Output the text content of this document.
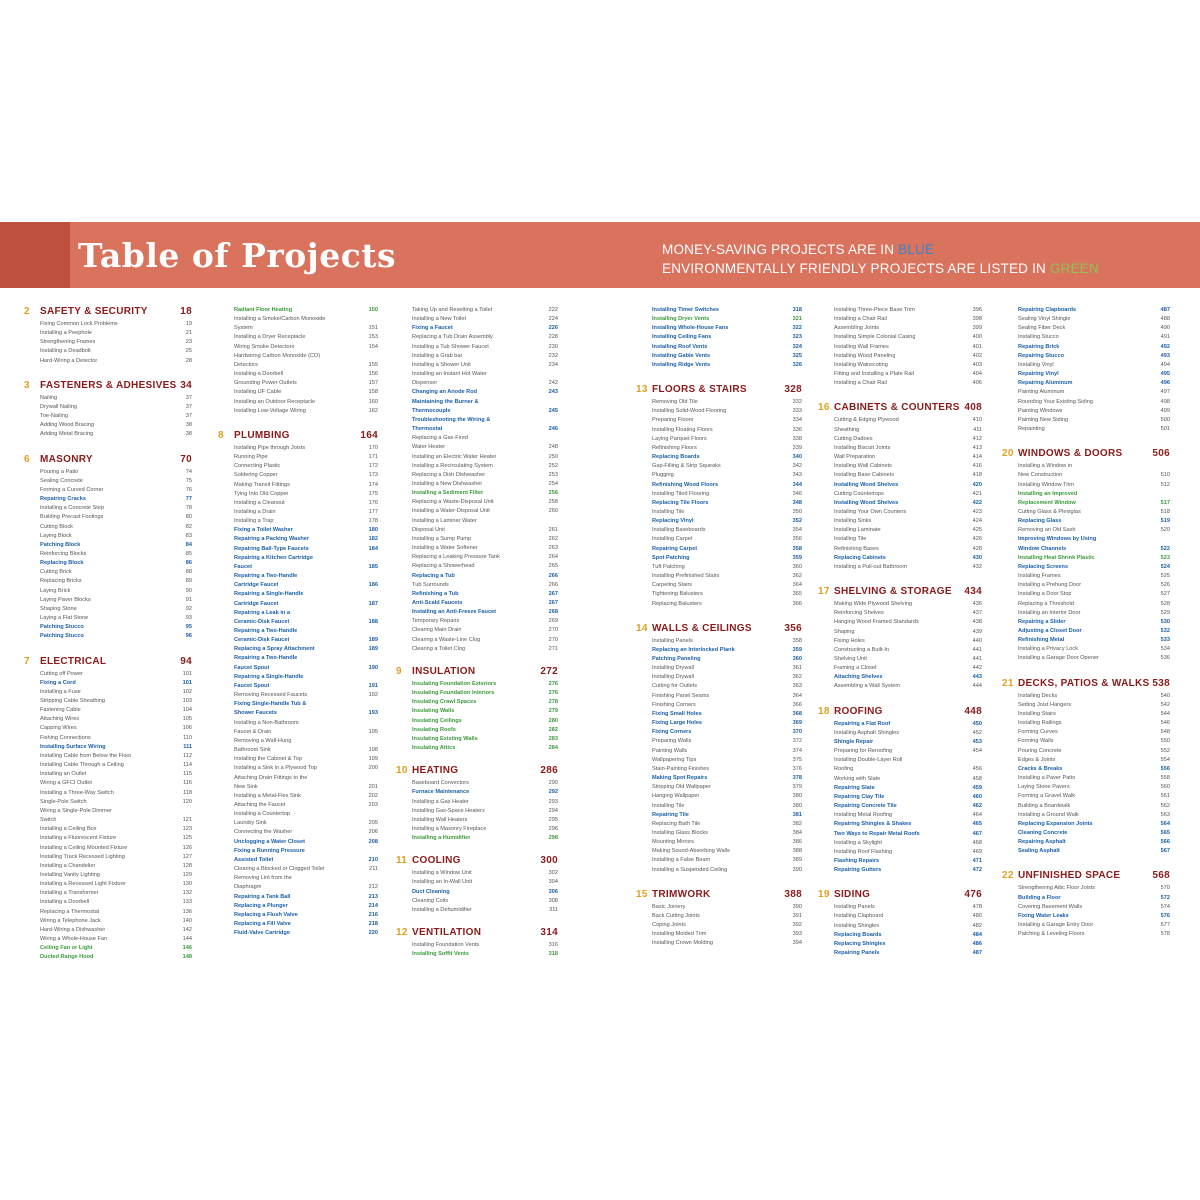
Table of Projects	MONEY-SAVING PROJECTS ARE IN BLUE
ENVIRONMENTALLY FRIENDLY PROJECTS ARE LISTED IN GREEN
2	SAFETY & SECURITY	18
Fixing Common Lock Problems	19
Installing a Peephole	21
Strengthening Frames	23
Installing a Deadbolt	25
Hard-Wiring a Detector	28
3	FASTENERS & ADHESIVES 34
Nailing	37
Drywall Nailing	37
Toe-Nailing	37
Adding Wood Bracing	38
Adding Metal Bracing	38
6	MASONRY	70
Pouring a Patio	74
Sealing Concrete	75
Forming a Curved Corner	76
Repairing Cracks	77
Installing a Concrete Step	78
Building Precast Footings	80
Cutting Block	82
Laying Block	83
Patching Block	84
Reinforcing Blocks	85
Replacing Block	86
Cutting Brick	88
Replacing Bricks	89
Laying Brick	90
Laying Paver Blocks	91
Shaping Stone	92
Laying a Flat Stone	93
Patching Stucco	95
Patching Stucco	96
7	ELECTRICAL	94
Cutting off Power	101
Fixing a Cord	101
Installing a Fuse	102
Stripping Cable Sheathing	103
Fastening Cable	104
Attaching Wires	105
Capping Wires	106
Fishing Connections	110
Installing Surface Wiring	111
Installing Cable from Below the Floor	112
Installing Cable Through a Ceiling	114
Installing an Outlet	115
Wiring a GFCI Outlet	116
Installing a Three-Way Switch	118
Single-Pole Switch	120
Wiring a Single-Pole Dimmer
Switch	121
Installing a Ceiling Box	123
Installing a Fluorescent Fixture	125
Installing a Ceiling Mounted Fixture	126
Installing Track Recessed Lighting	127
Installing a Chandelier	128
Installing Vanity Lighting	129
Installing a Recessed Light Fixture	130
Installing a Transformer	132
Installing a Doorbell	133
Replacing a Thermostat	136
Wiring a Telephone Jack	140
Hard-Wiring a Dishwasher	142
Wiring a Whole-House Fan	144
Ceiling Fan or Light	146
Ducted Range Hood	148
Radiant Floor Heating	150
Installing a Smoke/Carbon Monoxide
System	151
Installing a Dryer Receptacle	153
Wiring Smoke Detectors	154
Hardwiring Carbon Monoxide (CO)
Detectors	155
Installing a Doorbell	156
Grounding Power Outlets	157
Installing UF Cable	158
Installing an Outdoor Receptacle	160
Installing Low-Voltage Wiring	162
8	PLUMBING	164
Installing Pipe through Joists	170
Running Pipe	171
Connecting Plastic	172
Soldering Copper	173
Making Transit Fittings	174
Tying Into Old Copper	175
Installing a Cleanout	176
Installing a Drain	177
Installing a Trap	178
Fixing a Toilet Washer	180
Repairing a Packing Washer	182
Repairing Ball-Type Faucets	184
Repairing a Kitchen Cartridge
Faucet	185
Repairing a Two-Handle
Cartridge Faucet	186
Repairing a Single-Handle
Cartridge Faucet	187
Repairing a Leak in a
Ceramic-Disk Faucet	188
Repairing a Two-Handle
Ceramic-Disk Faucet	189
Replacing a Spray Attachment	189
Repairing a Two-Handle
Faucet Spout	190
Repairing a Single-Handle
Faucet Spout	191
Removing Recessed Faucets	192
Fixing Single-Handle Tub &
Shower Faucets	193
Installing a Non-Bathroom
Faucet & Drain	195
Removing a Wall-Hung
Bathroom Sink	198
Installing the Cabinet & Top	199
Installing a Sink in a Plywood Top	200
Attaching Drain Fittings to the
New Sink	201
Installing a Metal-Flex Sink	202
Attaching the Faucet	203
Installing a Countertop
Laundry Sink	205
Connecting the Washer	206
Unclogging a Water Closet	208
Fixing a Running Pressure
Assisted Toilet	210
Clearing a Blocked or Clogged Toilet	211
Removing Lint from the
Diaphragm	212
Repairing a Tank Ball	213
Replacing a Plunger	214
Replacing a Flush Valve	216
Replacing a Fill Valve	218
Fluid-Valve Cartridge	220
Taking Up and Resetting a Toilet	222
Installing a New Toilet	224
Fixing a Faucet	226
Replacing a Tub Drain Assembly	228
Installing a Tub Shower Faucet	230
Installing a Grab bar	232
Installing a Shower Unit	234
Installing an Instant Hot Water
Dispenser	242
Changing an Anode Rod	243
Maintaining the Burner &
Thermocouple	245
Troubleshooting the Wiring &
Thermostat	246
Replacing a Gas-Fired
Water Heater	248
Installing an Electric Water Heater	250
Installing a Recirculating System	252
Replacing a Dish Dishwasher	253
Installing a New Dishwasher	254
Installing a Sediment Filter	256
Replacing a Waste-Disposal Unit	258
Installing a Water-Disposal Unit	260
Installing a Laminar Water
Disposal Unit	261
Installing a Sump Pump	262
Installing a Water Softener	263
Replacing a Leaking Pressure Tank	264
Replacing a Showerhead	265
Replacing a Tub	266
Tub Surrounds	266
Refinishing a Tub	267
Anti-Scald Faucets	267
Installing an Anti-Freeze Faucet	268
Temporary Repairs	269
Clearing Main Drain	270
Clearing a Waste-Line Clog	270
Clearing a Toilet Clog	271
9	INSULATION	272
Insulating Foundation Exteriors	276
Insulating Foundation Interiors	276
Insulating Crawl Spaces	278
Insulating Walls	279
Insulating Ceilings	280
Insulating Roofs	282
Insulating Existing Walls	283
Insulating Attics	284
10 HEATING	286
Baseboard Convectors	290
Furnace Maintenance	292
Installing a Gas Heater	293
Installing Gas-Space Heaters	294
Installing Wall Heaters	295
Installing a Masonry Fireplace	296
Installing a Humidifier	298
11 COOLING	300
Installing a Window Unit	302
Installing an In-Wall Unit	304
Duct Cleaning	306
Cleaning Coils	308
Installing a Dehumidifier	311
12 VENTILATION	314
Installing Foundation Vents	316
Installing Soffit Vents	318
Installing Timer Switches	318
Installing Dryer Vents	321
Installing Whole-House Fans	322
Installing Ceiling Fans	323
Installing Roof Vents	324
Installing Gable Vents	325
Installing Ridge Vents	326
13 FLOORS & STAIRS	328
Removing Old Tile	332
Installing Solid-Wood Flooring	333
Preparing Floors	334
Installing Floating Floors	336
Laying Parquet Floors	338
Refinishing Floors	339
Replacing Boards	340
Gap-Filling & Strip Squeaks	342
Plugging	343
Refinishing Wood Floors	344
Installing Tiled Flooring	346
Replacing Tile Floors	348
Installing Tile	350
Replacing Vinyl	352
Installing Baseboards	354
Installing Carpet	356
Repairing Carpet	358
Spot Patching	359
Tuft Patching	360
Installing Prefinished Stairs	362
Carpeting Stairs	364
Tightening Balusters	365
Replacing Balusters	366
14 WALLS & CEILINGS	356
Installing Panels	358
Replacing an Interlocked Plank	359
Patching Paneling	360
Installing Drywall	361
Installing Drywall	362
Cutting for Outlets	363
Finishing Panel Seams	364
Finishing Corners	366
Fixing Small Holes	368
Fixing Large Holes	369
Fixing Corners	370
Preparing Walls	372
Painting Walls	374
Wallpapering Tips	375
Stain-Painting Finishes	376
Making Spot Repairs	378
Stripping Old Wallpaper	379
Hanging Wallpaper	380
Installing Tile	380
Repairing Tile	381
Replacing Bath Tile	382
Installing Glass Blocks	384
Mounting Mirrors	386
Making Sound-Absorbing Walls	388
Installing a False Beam	389
Installing a Suspended Ceiling	390
15 TRIMWORK	388
Basic Joinery	390
Back Cutting Joints	391
Coping Joints	392
Installing Molded Trim	393
Installing Crown Molding	394
Installing Three-Piece Base Trim	396
Installing a Chair Rail	398
Assembling Joints	399
Installing Simple Colonial Casing	400
Installing Wall Frames	401
Installing Wood Paneling	402
Installing Wainscoting	403
Fitting and Installing a Plate Rail	404
Installing a Chair Rail	406
16 CABINETS & COUNTERS 408
Cutting & Edging Plywood	410
Sheathing	411
Cutting Dadoes	412
Installing Biscuit Joints	413
Wall Preparation	414
Installing Wall Cabinets	416
Installing Base Cabinets	418
Installing Wood Shelves	420
Cutting Countertops	421
Installing Wood Shelves	422
Installing Your Own Counters	423
Installing Sinks	424
Installing Laminate	425
Installing Tile	426
Refinishing Bases	428
Replacing Cabinets	430
Installing a Pull-out Bathroom	432
17 SHELVING & STORAGE	434
Making Wide Plywood Shelving	436
Reinforcing Shelves	437
Hanging Wood Framed Standards	438
Shaping	439
Fixing Holes	440
Constructing a Built-In	441
Shelving Unit	441
Framing a Closet	442
Attaching Shelves	443
Assembling a Wall System	444
18 ROOFING	448
Repairing a Flat Roof	450
Installing Asphalt Shingles	452
Shingle Repair	453
Preparing for Reroofing	454
Installing Double-Layer Roll
Roofing	456
Working with Slate	458
Repairing Slate	459
Repairing Clay Tile	460
Repairing Concrete Tile	462
Installing Metal Roofing	464
Repairing Shingles & Shakes	465
Two Ways to Repair Metal Roofs	467
Installing a Skylight	468
Installing Roof Flashing	469
Flashing Repairs	471
Repairing Gutters	472
19 SIDING	476
Installing Panels	478
Installing Clapboard	480
Installing Shingles	482
Replacing Boards	484
Replacing Shingles	486
Repairing Panels	487
Repairing Clapboards	487
Sealing Vinyl Shingle	488
Sealing Fiber Deck	490
Installing Stucco	491
Repairing Brick	492
Repairing Stucco	493
Installing Vinyl	494
Repairing Vinyl	495
Repairing Aluminum	496
Painting Aluminum	497
Rounding Your Existing Siding	498
Painting Windows	499
Painting New Siding	500
Repainting	501
20 WINDOWS & DOORS	506
Installing a Window in
New Construction	510
Installing Window Trim	512
Installing an Improved
Replacement Window	517
Cutting Glass & Plexiglas	518
Replacing Glass	519
Removing an Old Sash	520
Improving Windows by Using
Window Channels	522
Installing Heat Shrink Plastic	523
Replacing Screens	524
Installing Frames	525
Installing a Prehung Door	526
Installing a Door Stop	527
Replacing a Threshold	528
Installing an Interior Door	529
Repairing a Slider	530
Adjusting a Closet Door	532
Refinishing Metal	533
Installing a Privacy Lock	534
Installing a Garage Door Opener	536
21 DECKS, PATIOS & WALKS 538
Installing Decks	540
Setting Joist Hangers	542
Installing Stairs	544
Installing Railings	546
Forming Curves	548
Forming Walls	550
Pouring Concrete	552
Edges & Joints	554
Cracks & Breaks	556
Installing a Paver Patio	558
Laying Stone Pavers	560
Forming a Gravel Walk	561
Building a Boardwalk	562
Installing a Ground Walk	563
Replacing Expansion Joints	564
Cleaning Concrete	565
Repairing Asphalt	566
Sealing Asphalt	567
22 UNFINISHED SPACE	568
Strengthening Attic Floor Joists	570
Building a Floor	572
Covering Basement Walls	574
Fixing Water Leaks	576
Installing a Garage Entry Door	577
Patching & Leveling Floors	578
